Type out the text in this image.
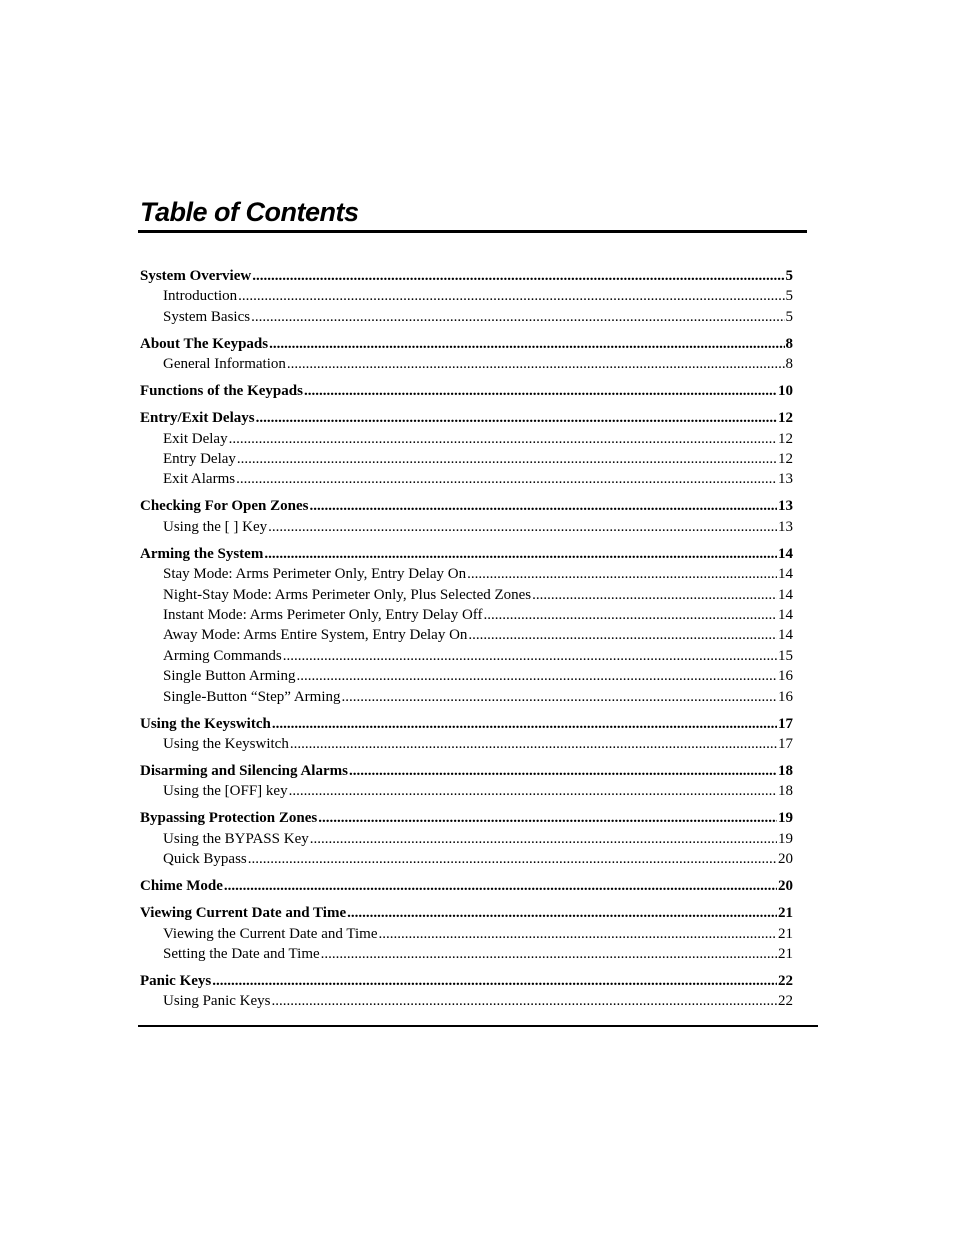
Table of Contents
System Overview .....	5
Introduction .....	5
System Basics .....	5
About The Keypads .....	8
General Information .....	8
Functions of the Keypads .....	10
Entry/Exit Delays .....	12
Exit Delay .....	12
Entry Delay .....	12
Exit Alarms .....	13
Checking For Open Zones .....	13
Using the [ ] Key .....	13
Arming the System .....	14
Stay Mode: Arms Perimeter Only, Entry Delay On .....	14
Night-Stay Mode: Arms Perimeter Only, Plus Selected Zones .....	14
Instant Mode: Arms Perimeter Only, Entry Delay Off .....	14
Away Mode: Arms Entire System, Entry Delay On .....	14
Arming Commands .....	15
Single Button Arming .....	16
Single-Button “Step” Arming .....	16
Using the Keyswitch .....	17
Using the Keyswitch .....	17
Disarming and Silencing Alarms .....	18
Using the [OFF] key .....	18
Bypassing Protection Zones .....	19
Using the BYPASS Key .....	19
Quick Bypass .....	20
Chime Mode .....	20
Viewing Current Date and Time .....	21
Viewing the Current Date and Time .....	21
Setting the Date and Time .....	21
Panic Keys .....	22
Using Panic Keys .....	22
